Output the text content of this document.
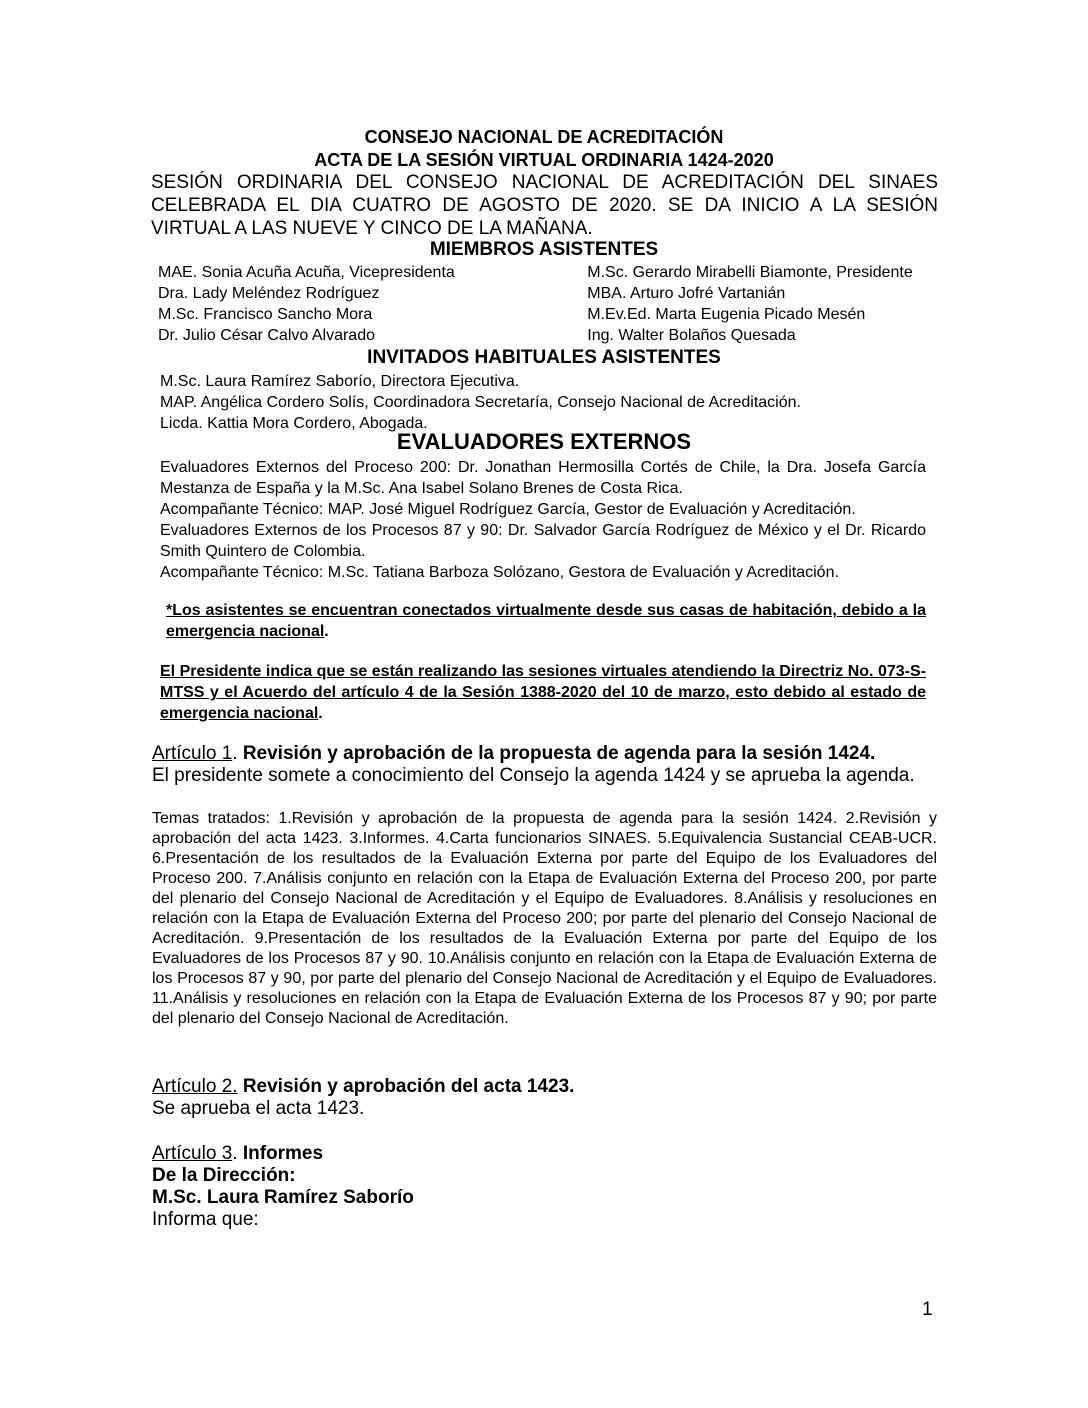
CONSEJO NACIONAL DE ACREDITACIÓN
ACTA DE LA SESIÓN VIRTUAL ORDINARIA 1424-2020
SESIÓN ORDINARIA DEL CONSEJO NACIONAL DE ACREDITACIÓN DEL SINAES CELEBRADA EL DIA CUATRO DE AGOSTO DE 2020. SE DA INICIO A LA SESIÓN VIRTUAL A LAS NUEVE Y CINCO DE LA MAÑANA.
MIEMBROS ASISTENTES
MAE. Sonia Acuña Acuña, Vicepresidenta	M.Sc. Gerardo Mirabelli Biamonte, Presidente
Dra. Lady Meléndez Rodríguez	MBA. Arturo Jofré Vartanián
M.Sc. Francisco Sancho Mora	M.Ev.Ed. Marta Eugenia Picado Mesén
Dr. Julio César Calvo Alvarado	Ing. Walter Bolaños Quesada
INVITADOS HABITUALES ASISTENTES
M.Sc. Laura Ramírez Saborío, Directora Ejecutiva.
MAP. Angélica Cordero Solís, Coordinadora Secretaría, Consejo Nacional de Acreditación.
Licda. Kattia Mora Cordero, Abogada.
EVALUADORES EXTERNOS

Evaluadores Externos del Proceso 200: Dr. Jonathan Hermosilla Cortés de Chile, la Dra. Josefa García Mestanza de España y la M.Sc. Ana Isabel Solano Brenes de Costa Rica.

Acompañante Técnico: MAP. José Miguel Rodríguez García, Gestor de Evaluación y Acreditación.

Evaluadores Externos de los Procesos 87 y 90: Dr. Salvador García Rodríguez de México y el Dr. Ricardo Smith Quintero de Colombia.

Acompañante Técnico: M.Sc. Tatiana Barboza Solózano, Gestora de Evaluación y Acreditación.

*Los asistentes se encuentran conectados virtualmente desde sus casas de habitación, debido a la emergencia nacional.
El Presidente indica que se están realizando las sesiones virtuales atendiendo la Directriz No. 073-S-MTSS y el Acuerdo del artículo 4 de la Sesión 1388-2020 del 10 de marzo, esto debido al estado de emergencia nacional.
Artículo 1. Revisión y aprobación de la propuesta de agenda para la sesión 1424.
El presidente somete a conocimiento del Consejo la agenda 1424 y se aprueba la agenda.
Temas tratados: 1.Revisión y aprobación de la propuesta de agenda para la sesión 1424. 2.Revisión y aprobación del acta 1423. 3.Informes. 4.Carta funcionarios SINAES. 5.Equivalencia Sustancial CEAB-UCR. 6.Presentación de los resultados de la Evaluación Externa por parte del Equipo de los Evaluadores del Proceso 200. 7.Análisis conjunto en relación con la Etapa de Evaluación Externa del Proceso 200, por parte del plenario del Consejo Nacional de Acreditación y el Equipo de Evaluadores. 8.Análisis y resoluciones en relación con la Etapa de Evaluación Externa del Proceso 200; por parte del plenario del Consejo Nacional de Acreditación. 9.Presentación de los resultados de la Evaluación Externa por parte del Equipo de los Evaluadores de los Procesos 87 y 90. 10.Análisis conjunto en relación con la Etapa de Evaluación Externa de los Procesos 87 y 90, por parte del plenario del Consejo Nacional de Acreditación y el Equipo de Evaluadores. 11.Análisis y resoluciones en relación con la Etapa de Evaluación Externa de los Procesos 87 y 90; por parte del plenario del Consejo Nacional de Acreditación.
Artículo 2. Revisión y aprobación del acta 1423.
Se aprueba el acta 1423.
Artículo 3. Informes
De la Dirección:
M.Sc. Laura Ramírez Saborío
Informa que:
1
